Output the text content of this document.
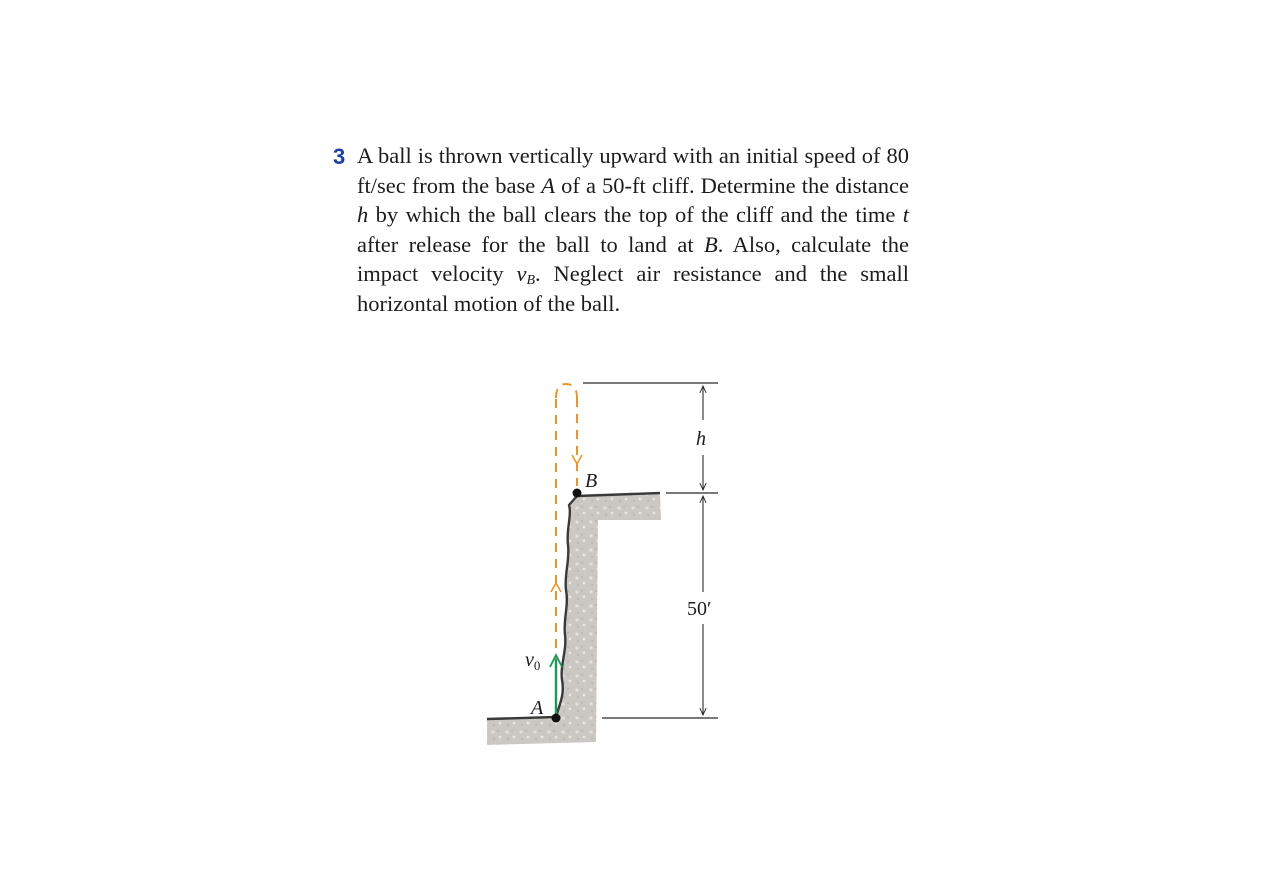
3 A ball is thrown vertically upward with an initial speed of 80 ft/sec from the base A of a 50-ft cliff. Determine the distance h by which the ball clears the top of the cliff and the time t after release for the ball to land at B. Also, calculate the impact velocity $v_B$. Neglect air resistance and the small horizontal motion of the ball.
h
B
A
$v_0$
50′
